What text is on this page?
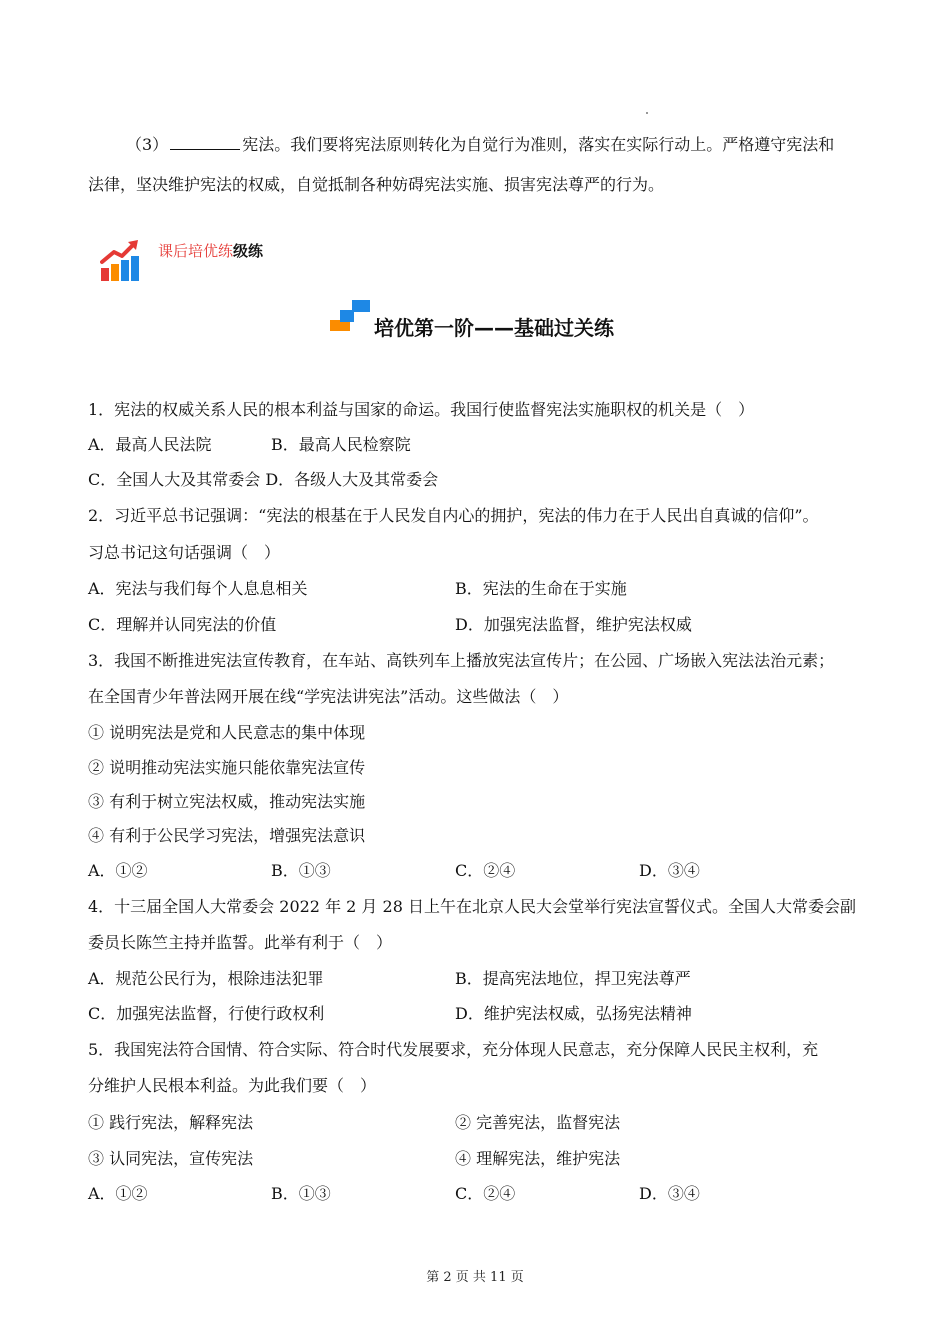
（3）	宪法。我们要将宪法原则转化为自觉行为准则，落实在实际行动上。严格遵守宪法和
法律，坚决维护宪法的权威，自觉抵制各种妨碍宪法实施、损害宪法尊严的行为。
课后培优练级练
培优第一阶——基础过关练
1．宪法的权威关系人民的根本利益与国家的命运。我国行使监督宪法实施职权的机关是（　）
A．最高人民法院	B．最高人民检察院
C．全国人大及其常委会 D．各级人大及其常委会
2．习近平总书记强调：“宪法的根基在于人民发自内心的拥护，宪法的伟力在于人民出自真诚的信仰”。
习总书记这句话强调（　）
A．宪法与我们每个人息息相关	B．宪法的生命在于实施
C．理解并认同宪法的价值	D．加强宪法监督，维护宪法权威
3．我国不断推进宪法宣传教育，在车站、高铁列车上播放宪法宣传片；在公园、广场嵌入宪法法治元素；
在全国青少年普法网开展在线“学宪法讲宪法”活动。这些做法（　）
① 说明宪法是党和人民意志的集中体现
② 说明推动宪法实施只能依靠宪法宣传
③ 有利于树立宪法权威，推动宪法实施
④ 有利于公民学习宪法，增强宪法意识
A．①②	B．①③	C．②④	D．③④
4．十三届全国人大常委会 2022 年 2 月 28 日上午在北京人民大会堂举行宪法宣誓仪式。全国人大常委会副
委员长陈竺主持并监誓。此举有利于（　）
A．规范公民行为，根除违法犯罪	B．提高宪法地位，捍卫宪法尊严
C．加强宪法监督，行使行政权利	D．维护宪法权威，弘扬宪法精神
5．我国宪法符合国情、符合实际、符合时代发展要求，充分体现人民意志，充分保障人民民主权利，充
分维护人民根本利益。为此我们要（　）
① 践行宪法，解释宪法	② 完善宪法，监督宪法
③ 认同宪法，宣传宪法	④ 理解宪法，维护宪法
A．①②	B．①③	C．②④	D．③④
第 2 页 共 11 页
